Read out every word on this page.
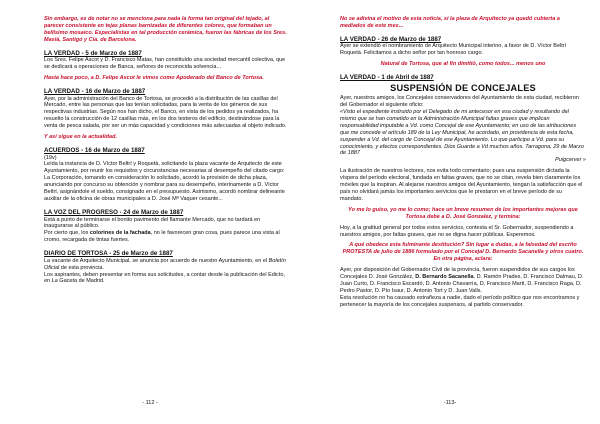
Sin embargo, es de notar no se menciona para nada la forma tan original del tejado, al parecer consistente en tejas planas barnizadas de diferentes colores, que formaban un bellísimo mosaico. Especialistas en tal producción cerámica, fueron las fábricas de los Sres. Masià, Santigó y Cía. de Barcelona.

LA VERDAD - 5 de Marzo de 1887

Los Sres. Felipe Ascot y D. Francisco Matas, han constituido una sociedad mercantil colectiva, que se dedicará a operaciones de Banca, señores de reconocida solvencia...

Hasta hace poco, a D. Felipe Ascot le vimos como Apoderado del Banco de Tortosa.

LA VERDAD - 16 de Marzo de 1887

Ayer, por la administración del Banco de Tortosa, se procedió a la distribución de las casillas del Mercado, entre las personas que las tenían solicitadas, para la venta de los géneros de sus respectivas industrias. Según nos han dicho, el Banco, en vista de los pedidos ya realizados, ha resuelto la construcción de 12 casillas más, en los dos testeros del edificio, destinándose para la venta de pesca salada, por ser un más capacidad y condiciones más adecuadas al objeto indicado.

Y así sigue en la actualidad.

ACUERDOS - 16 de Marzo de 1887

(19v)

Leída la instancia de D. Víctor Beltrí y Roquetà, solicitando la plaza vacante de Arquitecto de este Ayuntamiento, por reunir los requisitos y circunstancias necesarias al desempeño del citado cargo: La Corporación, tomando en consideración lo solicitado, acordó la provisión de dicha plaza, anunciando por concurso su obtención y nombrar para su desempeño, interinamente a D. Víctor Beltrí, asignándole el sueldo, consignado en el presupuesto. Asimismo, acordó nombrar delineante auxiliar de la oficina de obras municipales a D. José Mª Vaquer cesante...

LA VOZ DEL PROGRESO - 24 de Marzo de 1887

Está a punto de terminarse el bonito pavimento del flamante Mercado, que no tardará en inaugurarse al público.

Por cierto que, los colorines de la fachada, no le favorecen gran cosa, pues parece una vista al cromo, recargada de tintas fuertes.

DIARIO DE TORTOSA - 25 de Marzo de 1887

La vacante de Arquitecto Municipal, se anuncia por acuerdo de nuestro Ayuntamiento, en el Boletín Oficial de esta provincia.

Los aspirantes, deben presentar en forma sus solicitudes, a contar desde la publicación del Edicto, en La Gaceta de Madrid.

- 112 -

No se adivina el motivo de esta noticia, si la plaza de Arquitecto ya quedó cubierta a mediados de este mes...

LA VERDAD - 26 de Marzo de 1887

Ayer se extendió el nombramiento de Arquitecto Municipal interino, a favor de D. Víctor Beltrí Roquetà. Felicitamos a dicho señor por tan honroso cargo.

Natural de Tortosa, que al fin dimitió, como todos... menos uno

LA VERDAD - 1 de Abril de 1887
SUSPENSIÓN DE CONCEJALES

Ayer, nuestros amigos, los Concejales conservadores del Ayuntamiento de esta ciudad, recibieron del Gobernador el siguiente oficio:

«Visto el expediente instruido por el Delegado de mi antecesor en esa ciudad y resultando del mismo que se han cometido en la Administración Municipal faltas graves que implican responsabilidad imputable a Vd. como Concejal de ese Ayuntamiento; en uso de las atribuciones que me concede el artículo 189 de la Ley Municipal, he acordado, en providencia de esta fecha, suspender a Vd. del cargo de Concejal de ese Ayuntamiento. Lo que participo a Vd. para su conocimiento, y efectos correspondientes. Dios Guarde a Vd muchos años. Tarragona, 29 de Marzo de 1887

Puigcerver »

La ilustración de nuestros lectores, nos evita todo comentario; pues una suspensión dictada la víspera del período electoral, fundada en faltas graves, que no se citan, revela bien claramente los móviles que la inspiran. Al alejarse nuestros amigos del Ayuntamiento, tengan la satisfacción que el país no olvidará jamás los importantes servicios que le prestaron en el breve período de su mandato.

Yo me lo guiso, yo me lo como; hace un breve resumen de los importantes mejoras que Tortosa debe a D. José Gonzalez, y termina:

Hoy, a la gratitud general por todos estos servicios, contesta el Sr. Gobernador, suspendiendo a nuestros amigos, por faltas graves, que no se digna hacer públicas. Esperemos.

A qué obedece esta fulminante destitución? Sin lugar a dudas, a la falsedad del escrito PROTESTA de julio de 1886 formulado por el Concejal D. Bernardo Sacanella y otros cuatro.

En otra página, aclara:

Ayer, por disposición del Gobernador Civil de la provincia, fueron suspendidos de sus cargos los Concejales D. José González, D. Bernardo Sacanella, D. Ramón Prades, D. Francisco Dalmau, D. Juan Curto, D. Francisco Escardó, D. Antonio Chavarría, D. Francisco Marti, D. Francisco Raga, D. Pedro Pastor, D. Pío Isaur, D. Antonio Tort y D. Juan Valls.

Esta resolución no ha causado extrañeza a nadie, dado el período político que nos encontramos y pertenecer la mayoría de los concejales suspensos, al partido conservador.

-113-
